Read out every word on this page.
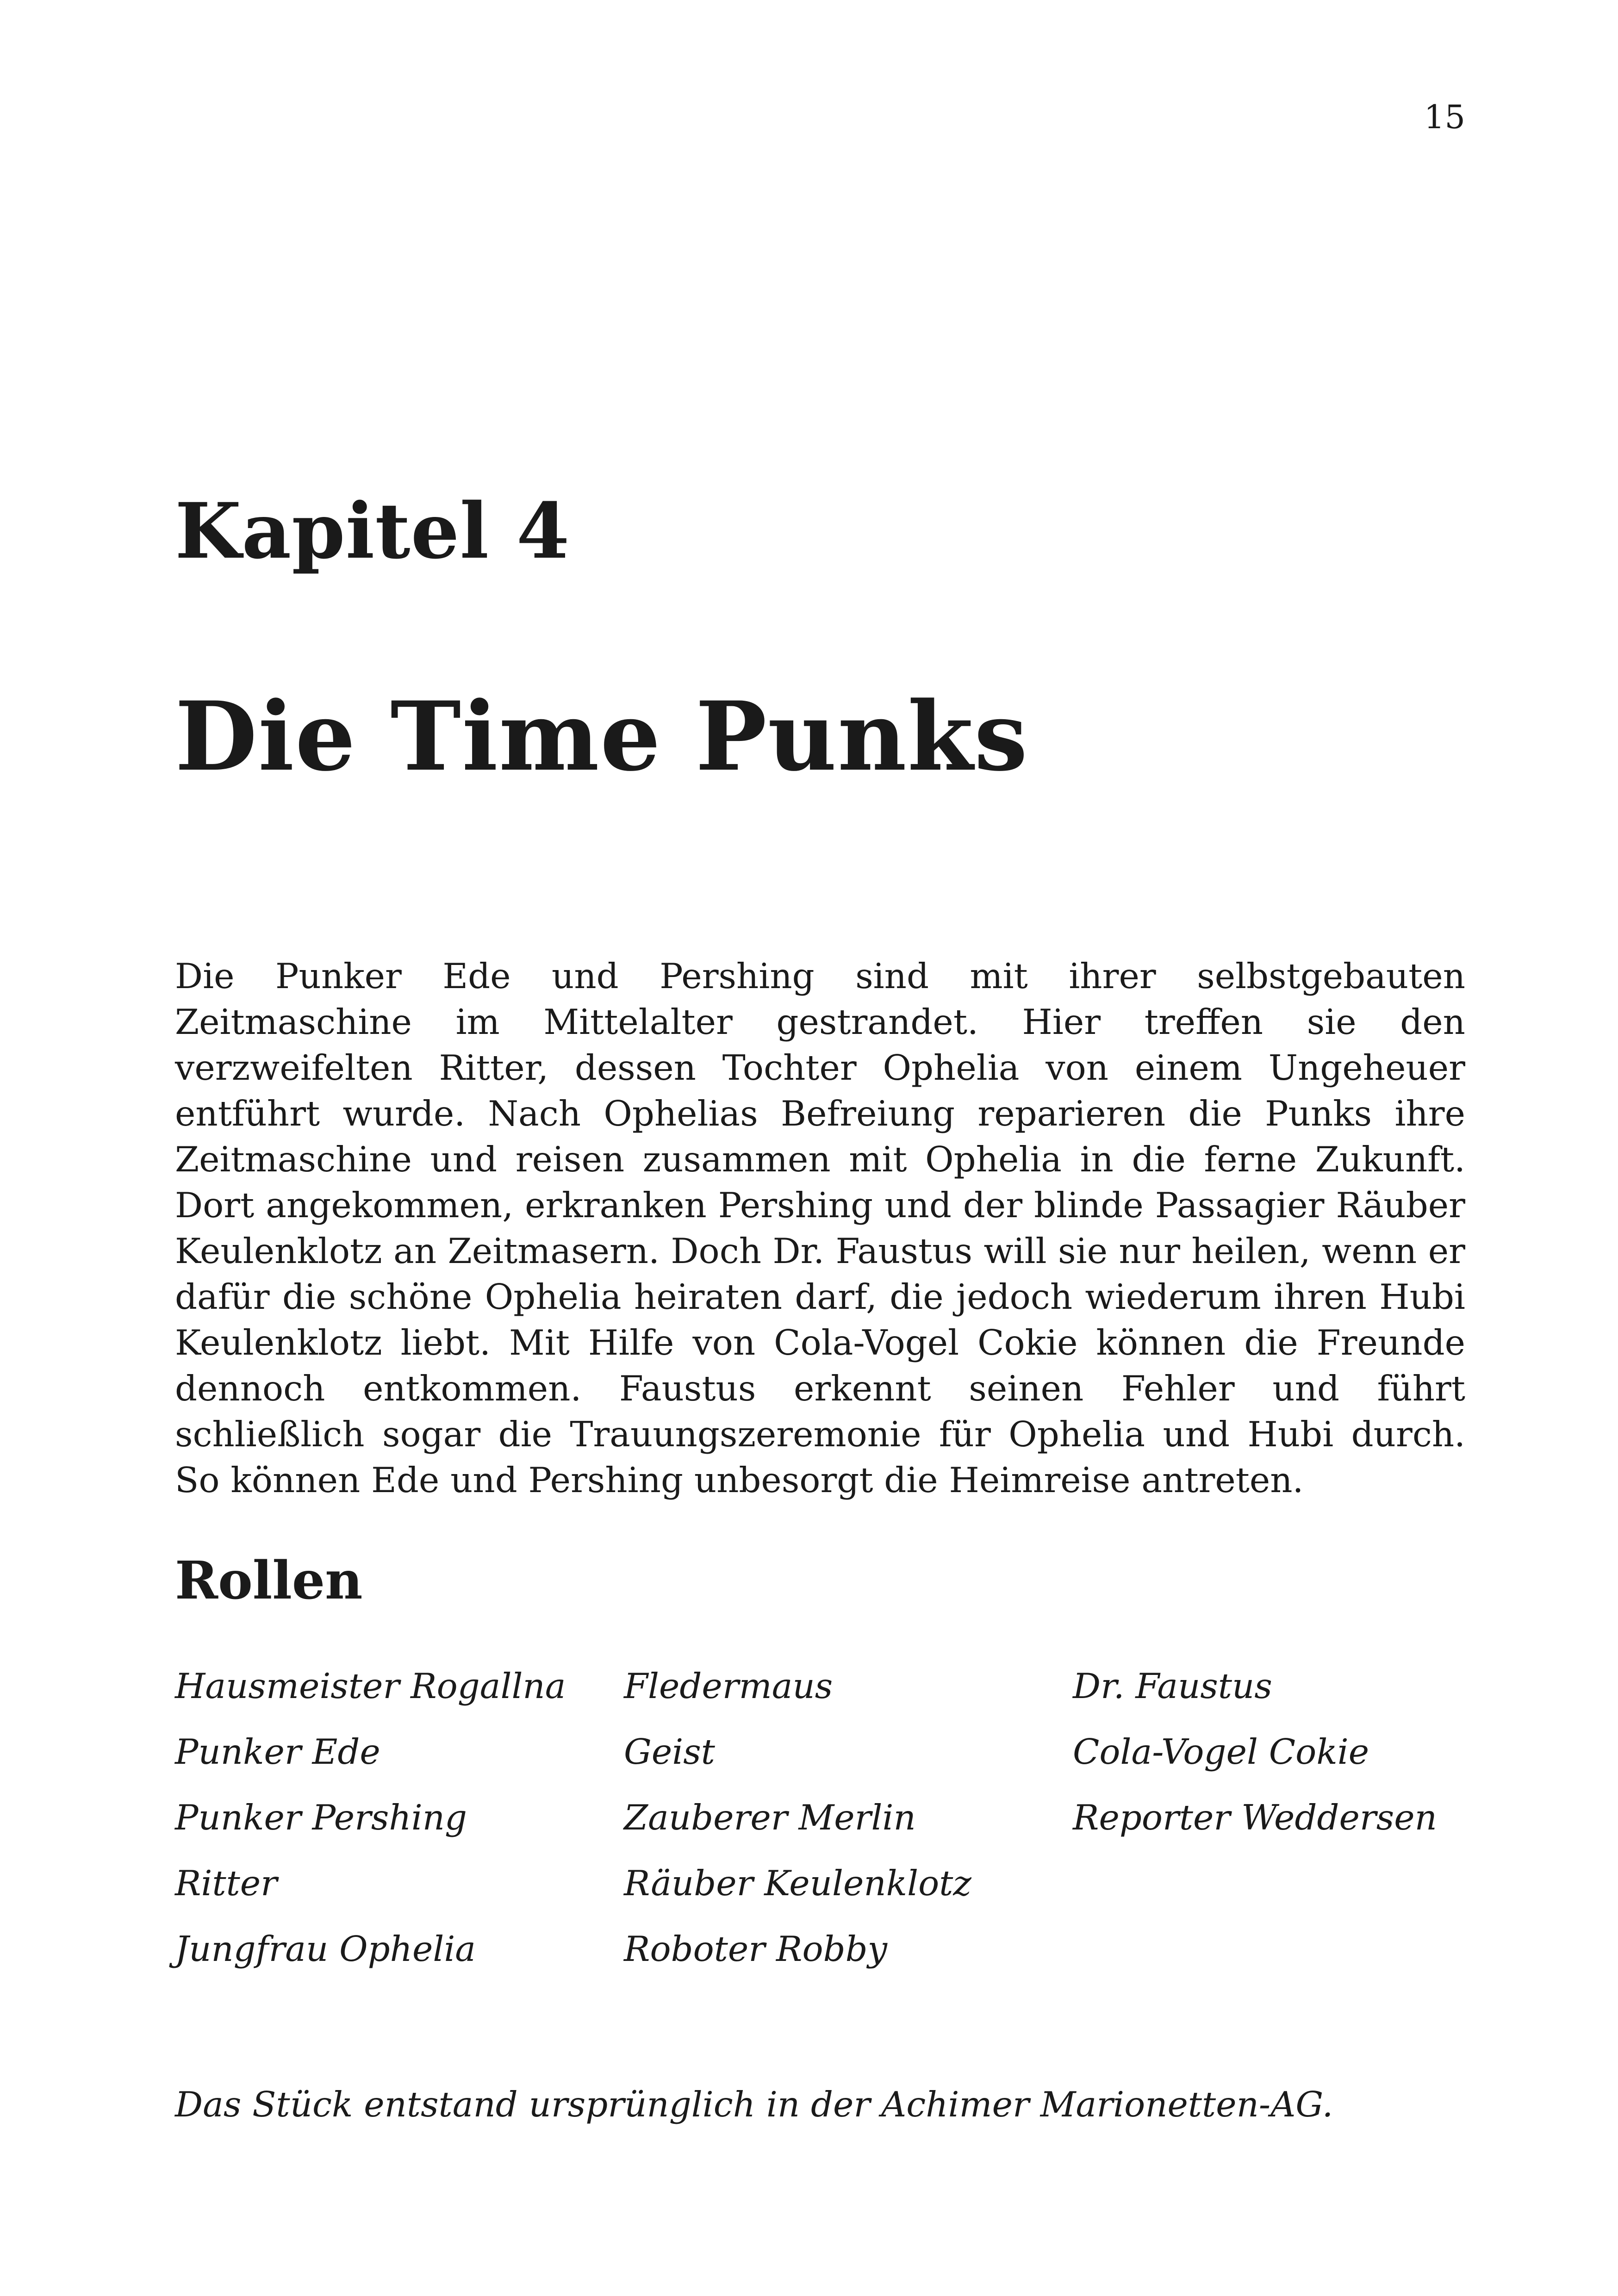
15
Kapitel 4
Die Time Punks

Die Punker Ede und Pershing sind mit ihrer selbstgebauten Zeitmaschine im Mittelalter gestrandet. Hier treffen sie den verzweifelten Ritter, dessen Tochter Ophelia von einem Ungeheuer entführt wurde. Nach Ophelias Befreiung reparieren die Punks ihre Zeitmaschine und reisen zusammen mit Ophelia in die ferne Zukunft. Dort angekommen, erkranken Pershing und der blinde Passagier Räuber Keulenklotz an Zeitmasern. Doch Dr. Faustus will sie nur heilen, wenn er dafür die schöne Ophelia heiraten darf, die jedoch wiederum ihren Hubi Keulenklotz liebt. Mit Hilfe von Cola-Vogel Cokie können die Freunde dennoch entkommen. Faustus erkennt seinen Fehler und führt schließlich sogar die Trauungszeremonie für Ophelia und Hubi durch. So können Ede und Pershing unbesorgt die Heimreise antreten.

Rollen
Hausmeister Rogallna
Punker Ede
Punker Pershing
Ritter
Jungfrau Ophelia
Fledermaus
Geist
Zauberer Merlin
Räuber Keulenklotz
Roboter Robby
Dr. Faustus
Cola-Vogel Cokie
Reporter Weddersen
Das Stück entstand ursprünglich in der Achimer Marionetten-AG.
